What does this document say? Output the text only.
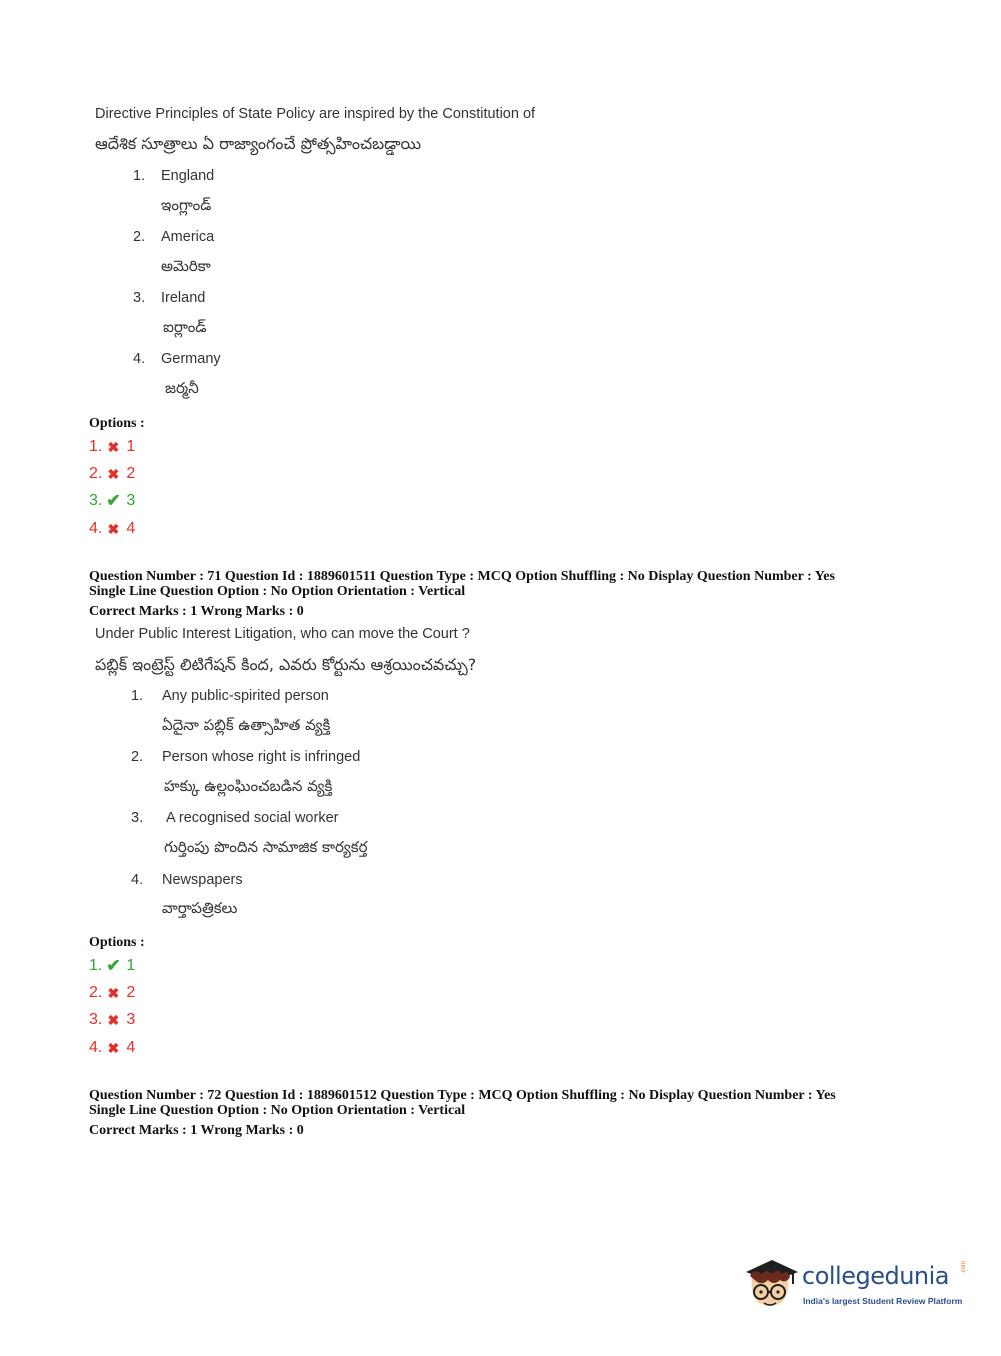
Directive Principles of State Policy are inspired by the Constitution of
ఆదేశిక సూత్రాలు ఏ రాజ్యాంగంచే ప్రోత్సహించబడ్డాయి
1. England
ఇంగ్లాండ్
2. America
అమెరికా
3. Ireland
ఐర్లాండ్
4. Germany
జర్మనీ
Options :
1. ✖ 1
2. ✖ 2
3. ✔ 3
4. ✖ 4
Question Number : 71 Question Id : 1889601511 Question Type : MCQ Option Shuffling : No Display Question Number : Yes
Single Line Question Option : No Option Orientation : Vertical
Correct Marks : 1 Wrong Marks : 0
Under Public Interest Litigation, who can move the Court ?
పబ్లిక్ ఇంట్రెస్ట్ లిటిగేషన్ కింద, ఎవరు కోర్టును ఆశ్రయించవచ్చు?
1. Any public-spirited person
ఏదైనా పబ్లిక్ ఉత్సాహిత వ్యక్తి
2. Person whose right is infringed
హక్కు ఉల్లంఘించబడిన వ్యక్తి
3. A recognised social worker
గుర్తింపు పొందిన సామాజిక కార్యకర్త
4. Newspapers
వార్తాపత్రికలు
Options :
1. ✔ 1
2. ✖ 2
3. ✖ 3
4. ✖ 4
Question Number : 72 Question Id : 1889601512 Question Type : MCQ Option Shuffling : No Display Question Number : Yes
Single Line Question Option : No Option Orientation : Vertical
Correct Marks : 1 Wrong Marks : 0
collegedunia .com
India's largest Student Review Platform
